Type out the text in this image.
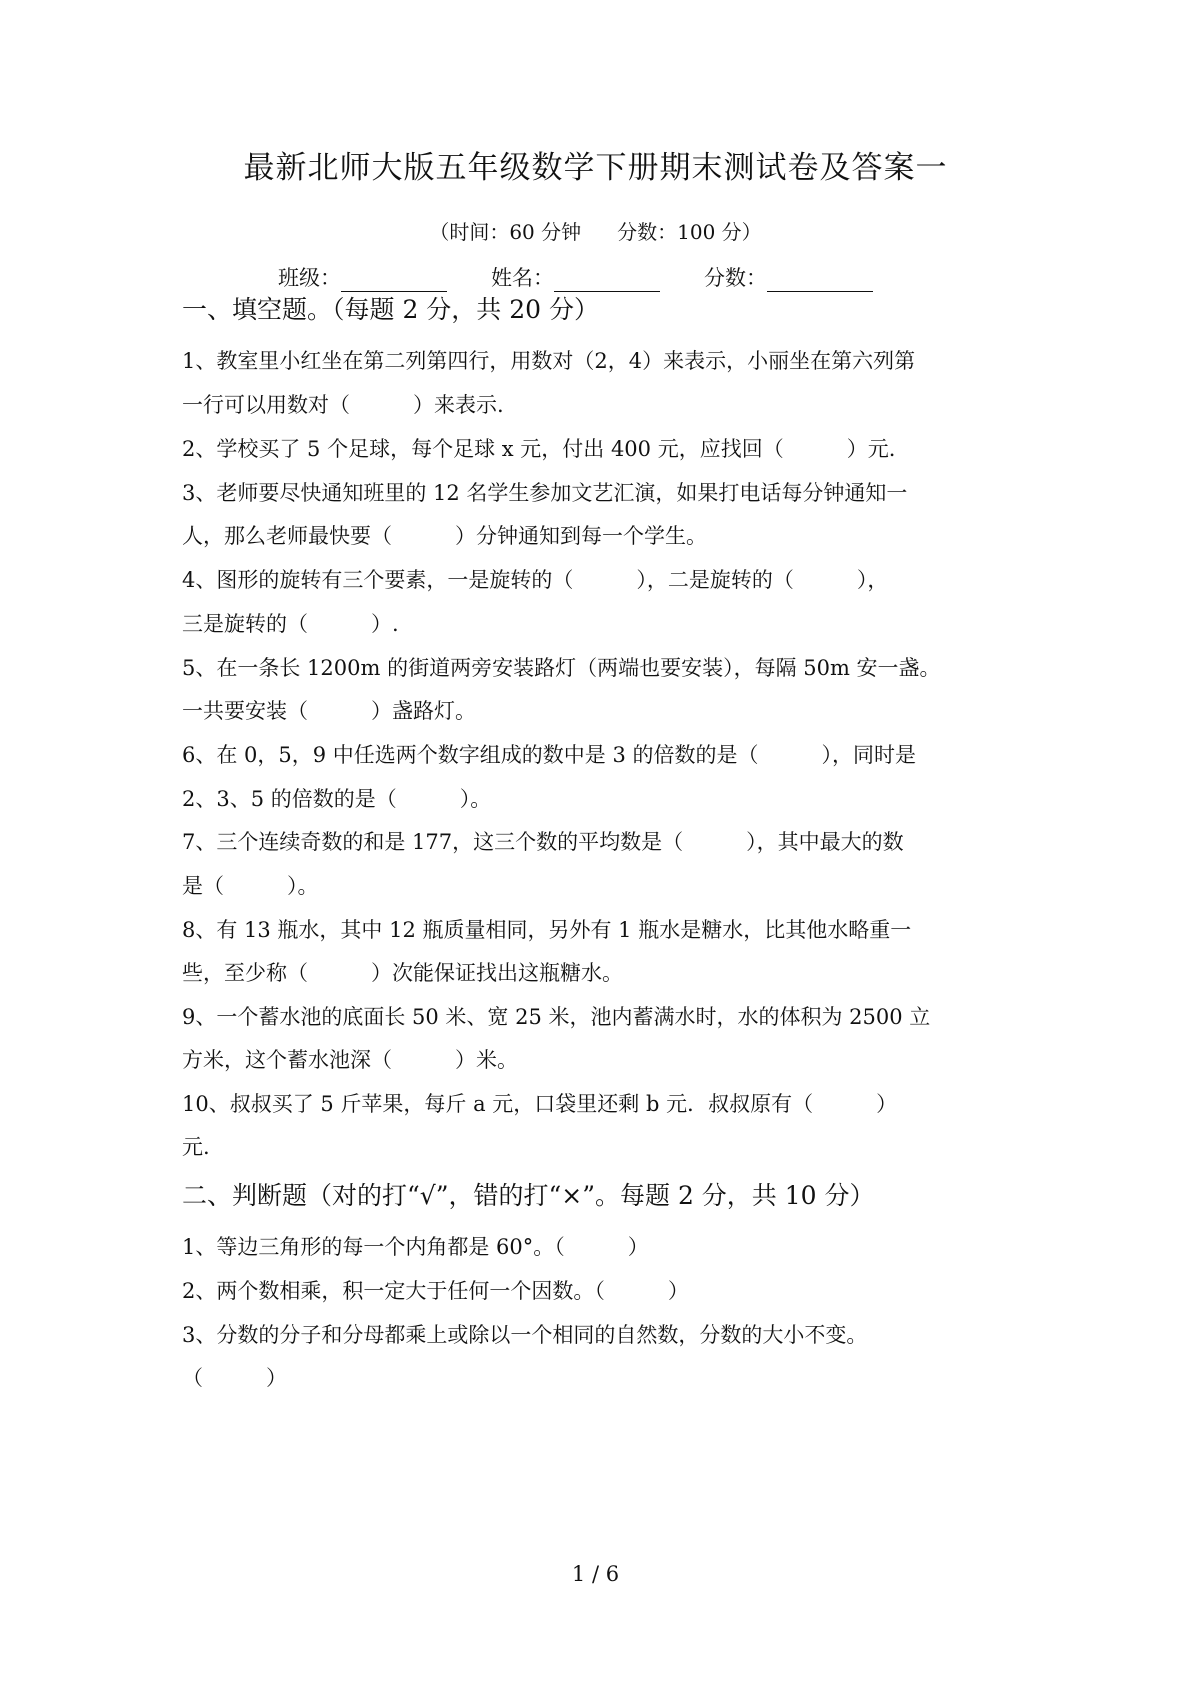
最新北师大版五年级数学下册期末测试卷及答案一
（时间：60 分钟 分数：100 分）
班级：	姓名：	分数：
一、填空题。（每题 2 分，共 20 分）
1、教室里小红坐在第二列第四行，用数对（2，4）来表示，小丽坐在第六列第
一行可以用数对（　　　）来表示.
2、学校买了 5 个足球，每个足球 x 元，付出 400 元，应找回（　　　）元.
3、老师要尽快通知班里的 12 名学生参加文艺汇演，如果打电话每分钟通知一
人，那么老师最快要（　　　）分钟通知到每一个学生。
4、图形的旋转有三个要素，一是旋转的（　　　），二是旋转的（　　　），
三是旋转的（　　　）.
5、在一条长 1200m 的街道两旁安装路灯（两端也要安装），每隔 50m 安一盏。
一共要安装（　　　）盏路灯。
6、在 0，5，9 中任选两个数字组成的数中是 3 的倍数的是（　　　），同时是
2、3、5 的倍数的是（　　　）。
7、三个连续奇数的和是 177，这三个数的平均数是（　　　），其中最大的数
是（　　　）。
8、有 13 瓶水，其中 12 瓶质量相同，另外有 1 瓶水是糖水，比其他水略重一
些，至少称（　　　）次能保证找出这瓶糖水。
9、一个蓄水池的底面长 50 米、宽 25 米，池内蓄满水时，水的体积为 2500 立
方米，这个蓄水池深（　　　）米。
10、叔叔买了 5 斤苹果，每斤 a 元，口袋里还剩 b 元．叔叔原有（　　　）
元.
二、判断题（对的打“√”，错的打“×”。每题 2 分，共 10 分）
1、等边三角形的每一个内角都是 60°。（　　　）
2、两个数相乘，积一定大于任何一个因数。（　　　）
3、分数的分子和分母都乘上或除以一个相同的自然数，分数的大小不变。
（　　　）
1 / 6
